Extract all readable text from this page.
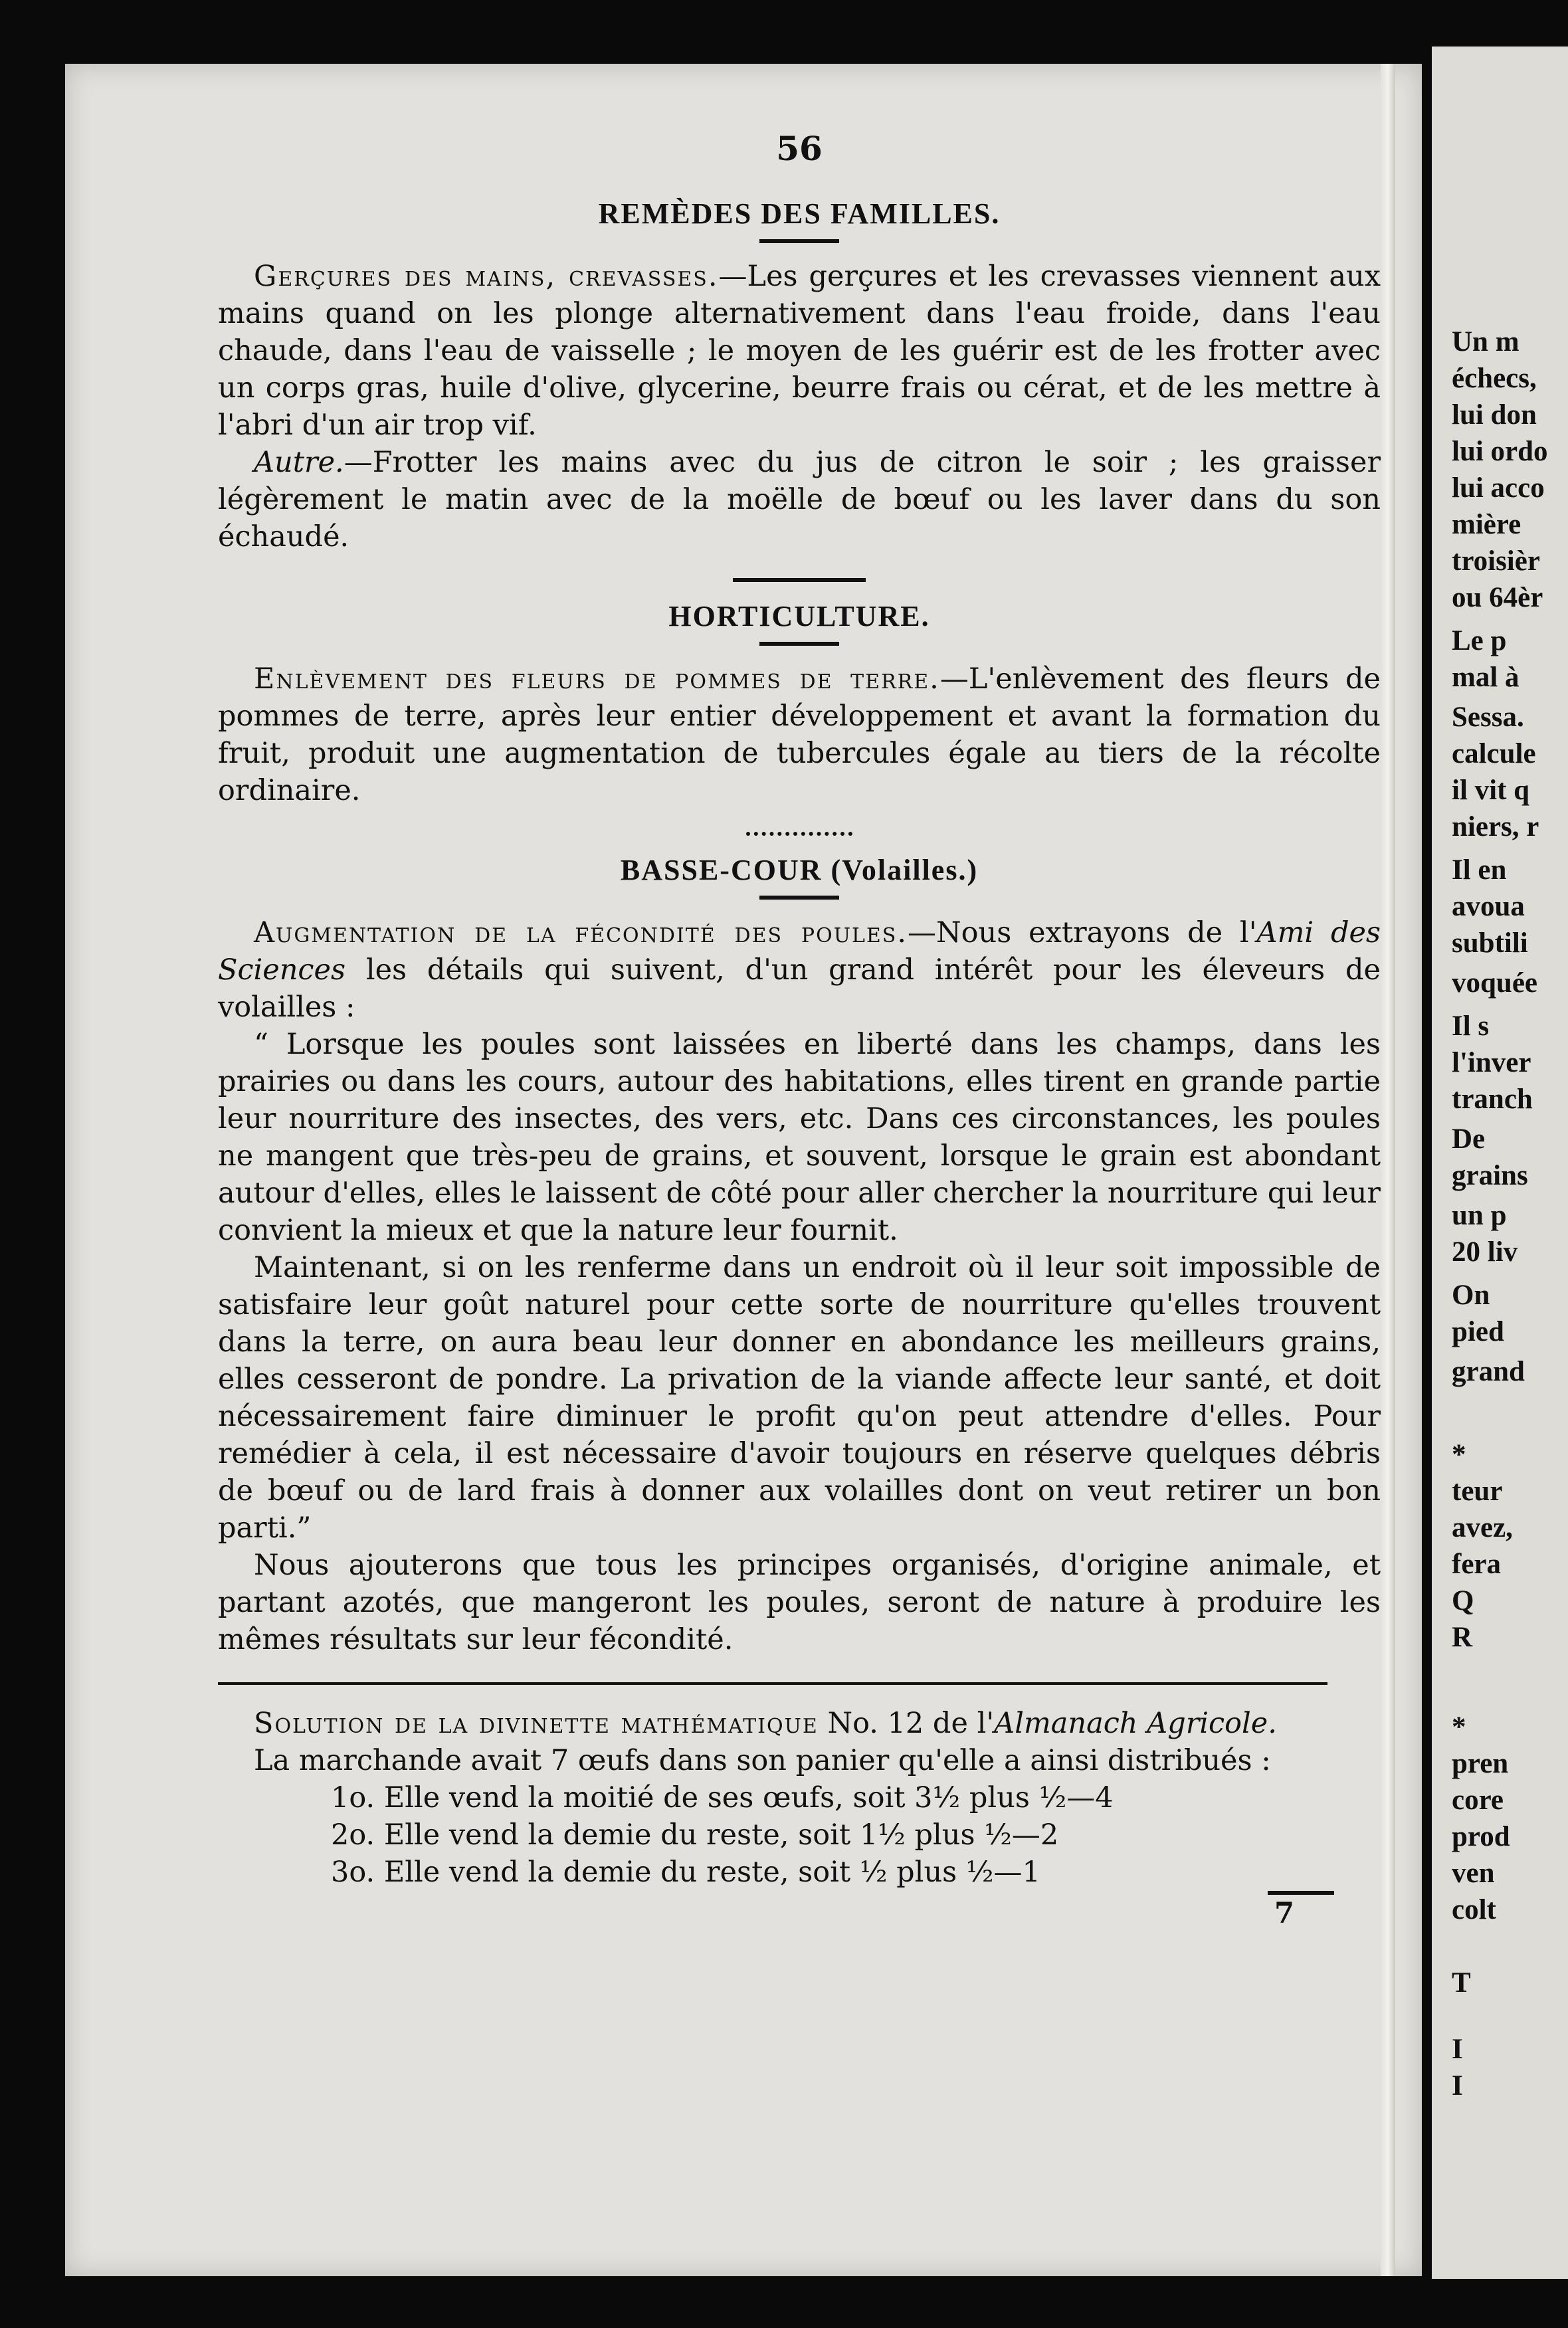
56
REMÈDES DES FAMILLES.

Gerçures des mains, crevasses.—Les gerçures et les crevasses viennent aux mains quand on les plonge alternativement dans l'eau froide, dans l'eau chaude, dans l'eau de vaisselle ; le moyen de les guérir est de les frotter avec un corps gras, huile d'olive, glycerine, beurre frais ou cérat, et de les mettre à l'abri d'un air trop vif.

Autre.—Frotter les mains avec du jus de citron le soir ; les graisser légèrement le matin avec de la moëlle de bœuf ou les laver dans du son échaudé.

HORTICULTURE.

Enlèvement des fleurs de pommes de terre.—L'enlèvement des fleurs de pommes de terre, après leur entier développement et avant la formation du fruit, produit une augmentation de tubercules égale au tiers de la récolte ordinaire.

BASSE-COUR (Volailles.)

Augmentation de la fécondité des poules.—Nous extrayons de l'Ami des Sciences les détails qui suivent, d'un grand intérêt pour les éleveurs de volailles :

“ Lorsque les poules sont laissées en liberté dans les champs, dans les prairies ou dans les cours, autour des habitations, elles tirent en grande partie leur nourriture des insectes, des vers, etc. Dans ces circonstances, les poules ne mangent que très-peu de grains, et souvent, lorsque le grain est abondant autour d'elles, elles le laissent de côté pour aller chercher la nourriture qui leur convient la mieux et que la nature leur fournit.

Maintenant, si on les renferme dans un endroit où il leur soit impossible de satisfaire leur goût naturel pour cette sorte de nourriture qu'elles trouvent dans la terre, on aura beau leur donner en abondance les meilleurs grains, elles cesseront de pondre. La privation de la viande affecte leur santé, et doit nécessairement faire diminuer le profit qu'on peut attendre d'elles. Pour remédier à cela, il est nécessaire d'avoir toujours en réserve quelques débris de bœuf ou de lard frais à donner aux volailles dont on veut retirer un bon parti.”

Nous ajouterons que tous les principes organisés, d'origine animale, et partant azotés, que mangeront les poules, seront de nature à produire les mêmes résultats sur leur fécondité.

Solution de la divinette mathématique No. 12 de l'Almanach Agricole.

La marchande avait 7 œufs dans son panier qu'elle a ainsi distribués :

1o. Elle vend la moitié de ses œufs, soit 3½ plus ½—4
2o. Elle vend la demie du reste, soit 1½ plus ½—2
3o. Elle vend la demie du reste, soit ½ plus ½—1
7
Un m
échecs,
lui don
lui ordo
lui acco
mière
troisièr
ou 64èr
Le p
mal à
Sessa.
calcule
il vit q
niers, r
Il en
avoua
subtili
voquée
Il s
l'inver
tranch
De
grains
un p
20 liv
On
pied
grand
*
teur
avez,
fera
Q
R
*
pren
core
prod
ven
colt
T
I
I
